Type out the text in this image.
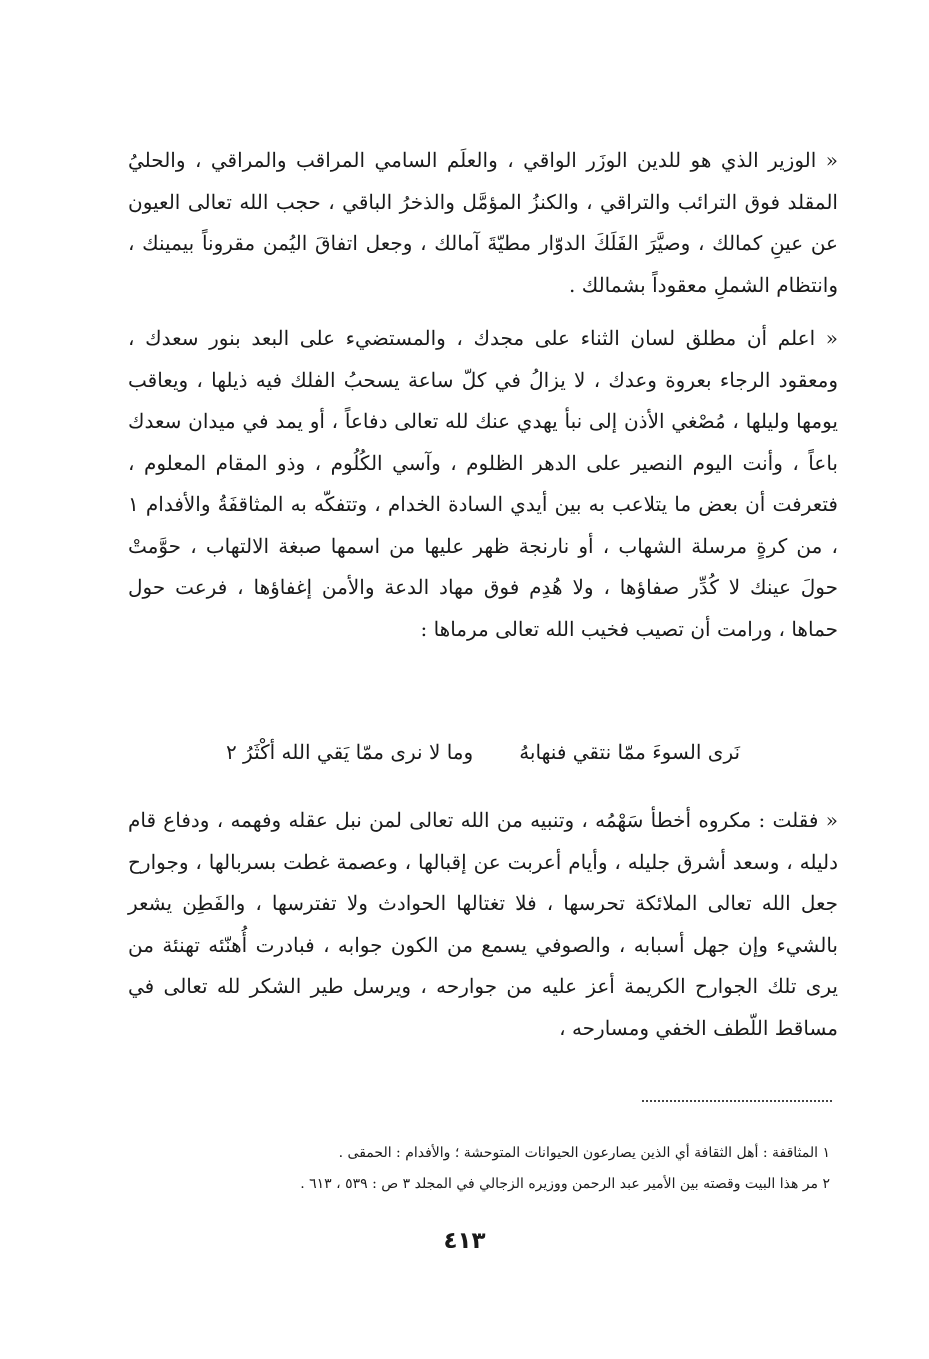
« الوزير الذي هو للدين الوزَر الواقي ، والعلَم السامي المراقب والمراقي ، والحليُ المقلد فوق الترائب والتراقي ، والكنزُ المؤمَّل والذخرُ الباقي ، حجب الله تعالى العيون عن عينِ كمالك ، وصيَّرَ الفَلَكَ الدوّار مطيّةَ آمالك ، وجعل اتفاقَ اليُمن مقروناً بيمينك ، وانتظام الشملِ معقوداً بشمالك .

« اعلم أن مطلق لسان الثناء على مجدك ، والمستضيء على البعد بنور سعدك ، ومعقود الرجاء بعروة وعدك ، لا يزالُ في كلّ ساعة يسحبُ الفلك فيه ذيلها ، ويعاقب يومها وليلها ، مُصْغي الأذن إلى نبأ يهدي عنك لله تعالى دفاعاً ، أو يمد في ميدان سعدك باعاً ، وأنت اليوم النصير على الدهر الظلوم ، وآسي الكُلُوم ، وذو المقام المعلوم ، فتعرفت أن بعض ما يتلاعب به بين أيدي السادة الخدام ، وتتفكّه به المثاقفَةُ والأفدام ١ ، من كرةٍ مرسلة الشهاب ، أو نارنجة ظهر عليها من اسمها صبغة الالتهاب ، حوَّمتْ حولَ عينك لا كُدِّر صفاؤها ، ولا هُدِم فوق مهاد الدعة والأمن إغفاؤها ، فرعت حول حماها ، ورامت أن تصيب فخيب الله تعالى مرماها :

نَرى السوءَ ممّا نتقي فنهابهُ
وما لا نرى ممّا يَقي الله أكْثَرُ ٢

« فقلت : مكروه أخطأ سَهْمُه ، وتنبيه من الله تعالى لمن نبل عقله وفهمه ، ودفاع قام دليله ، وسعد أشرق جليله ، وأيام أعربت عن إقبالها ، وعصمة غطت بسربالها ، وجوارح جعل الله تعالى الملائكة تحرسها ، فلا تغتالها الحوادث ولا تفترسها ، والفَطِن يشعر بالشيء وإن جهل أسبابه ، والصوفي يسمع من الكون جوابه ، فبادرت أُهنّئه تهنئة من يرى تلك الجوارح الكريمة أعز عليه من جوارحه ، ويرسل طير الشكر لله تعالى في مساقط اللّطف الخفي ومسارحه ،

١ المثاقفة : أهل الثقافة أي الذين يصارعون الحيوانات المتوحشة ؛ والأفدام : الحمقى .

٢ مر هذا البيت وقصته بين الأمير عبد الرحمن ووزيره الزجالي في المجلد ٣ ص : ٥٣٩ ، ٦١٣ .

٤١٣
